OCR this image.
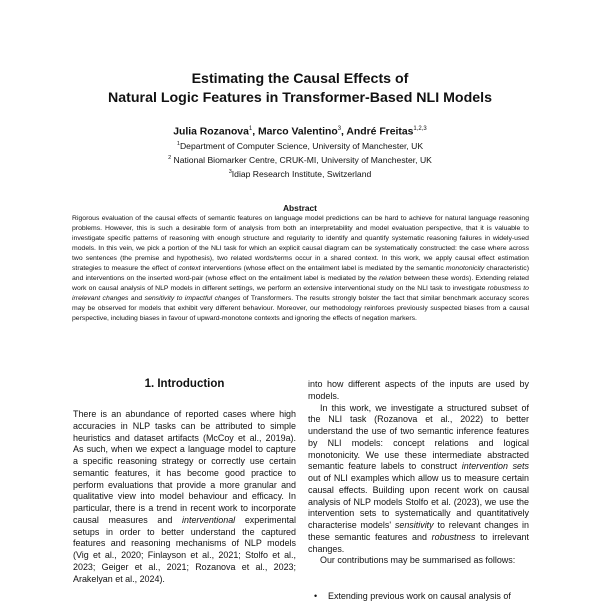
Estimating the Causal Effects of
Natural Logic Features in Transformer-Based NLI Models
Julia Rozanova$^1$, Marco Valentino$^3$, André Freitas$^{1,2,3}$
$^1$Department of Computer Science, University of Manchester, UK
$^2$ National Biomarker Centre, CRUK-MI, University of Manchester, UK
$^3$Idiap Research Institute, Switzerland
Abstract
Rigorous evaluation of the causal effects of semantic features on language model predictions can be hard to achieve for natural language reasoning problems. However, this is such a desirable form of analysis from both an interpretability and model evaluation perspective, that it is valuable to investigate specific patterns of reasoning with enough structure and regularity to identify and quantify systematic reasoning failures in widely-used models. In this vein, we pick a portion of the NLI task for which an explicit causal diagram can be systematically constructed: the case where across two sentences (the premise and hypothesis), two related words/terms occur in a shared context. In this work, we apply causal effect estimation strategies to measure the effect of context interventions (whose effect on the entailment label is mediated by the semantic monotonicity characteristic) and interventions on the inserted word-pair (whose effect on the entailment label is mediated by the relation between these words). Extending related work on causal analysis of NLP models in different settings, we perform an extensive interventional study on the NLI task to investigate robustness to irrelevant changes and sensitivity to impactful changes of Transformers. The results strongly bolster the fact that similar benchmark accuracy scores may be observed for models that exhibit very different behaviour. Moreover, our methodology reinforces previously suspected biases from a causal perspective, including biases in favour of upward-monotone contexts and ignoring the effects of negation markers.
1. Introduction

There is an abundance of reported cases where high accuracies in NLP tasks can be attributed to simple heuristics and dataset artifacts (McCoy et al., 2019a). As such, when we expect a language model to capture a specific reasoning strategy or correctly use certain semantic features, it has become good practice to perform evaluations that provide a more granular and qualitative view into model behaviour and efficacy. In particular, there is a trend in recent work to incorporate causal measures and interventional experimental setups in order to better understand the captured features and reasoning mechanisms of NLP models (Vig et al., 2020; Finlayson et al., 2021; Stolfo et al., 2023; Geiger et al., 2021; Rozanova et al., 2023; Arakelyan et al., 2024).

into how different aspects of the inputs are used by models.

In this work, we investigate a structured subset of the NLI task (Rozanova et al., 2022) to better understand the use of two semantic inference features by NLI models: concept relations and logical monotonicity. We use these intermediate abstracted semantic feature labels to construct intervention sets out of NLI examples which allow us to measure certain causal effects. Building upon recent work on causal analysis of NLP models Stolfo et al. (2023), we use the intervention sets to systematically and quantitatively characterise models' sensitivity to relevant changes in these semantic features and robustness to irrelevant changes.

Our contributions may be summarised as follows:

• Extending previous work on causal analysis of
